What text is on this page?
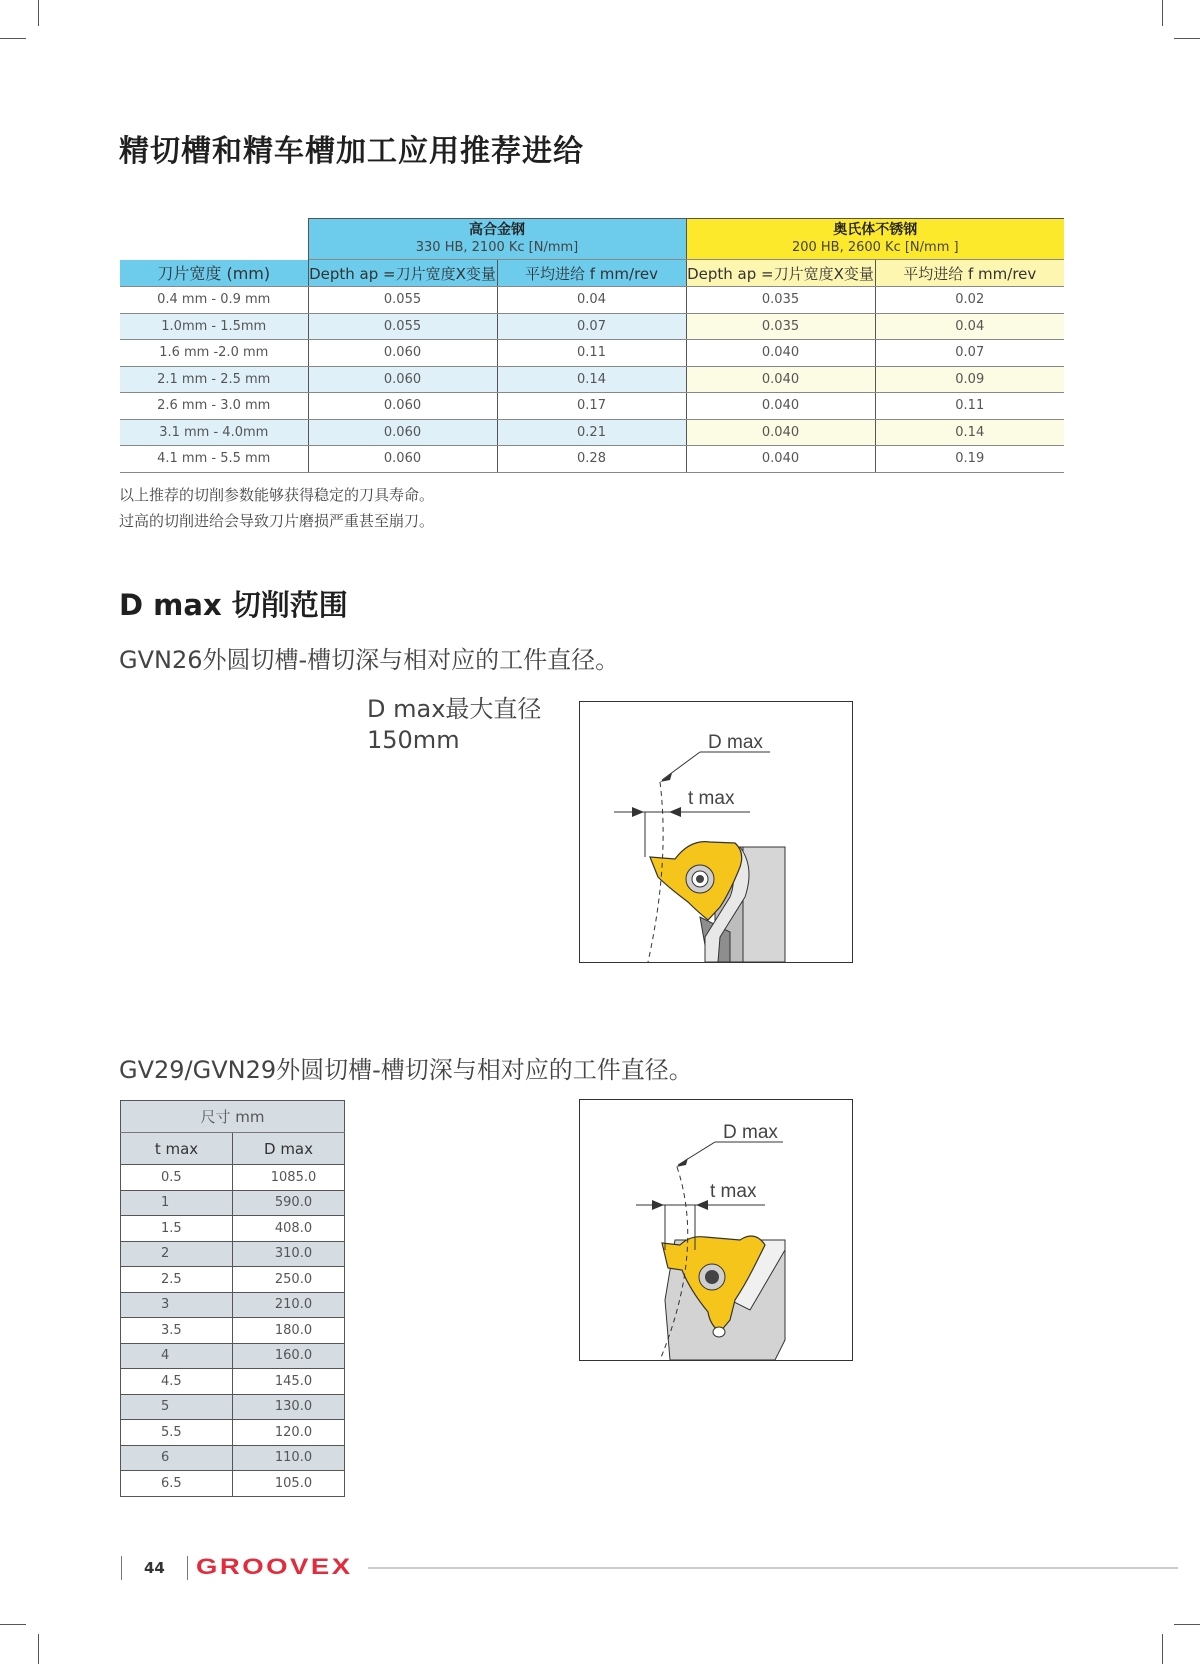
精切槽和精车槽加工应用推荐进给

高合金钢
330 HB, 2100 Kc [N/mm]

奥氏体不锈钢
200 HB, 2600 Kc [N/mm ]

刀片宽度 (mm)	Depth ap =刀片宽度X变量	平均进给 f mm/rev	Depth ap =刀片宽度X变量	平均进给 f mm/rev
0.4 mm - 0.9 mm	0.055	0.04	0.035	0.02
1.0mm - 1.5mm	0.055	0.07	0.035	0.04
1.6 mm -2.0 mm	0.060	0.11	0.040	0.07
2.1 mm - 2.5 mm	0.060	0.14	0.040	0.09
2.6 mm - 3.0 mm	0.060	0.17	0.040	0.11
3.1 mm - 4.0mm	0.060	0.21	0.040	0.14
4.1 mm - 5.5 mm	0.060	0.28	0.040	0.19
以上推荐的切削参数能够获得稳定的刀具寿命。
过高的切削进给会导致刀片磨损严重甚至崩刀。
D max 切削范围
GVN26外圆切槽-槽切深与相对应的工件直径。
D max最大直径
150mm	D max
t max
GV29/GVN29外圆切槽-槽切深与相对应的工件直径。
尺寸 mm	
t max	D max
0.5	1085.0
1	590.0
1.5	408.0
2	310.0
2.5	250.0
3	210.0
3.5	180.0
4	160.0
4.5	145.0
5	130.0
5.5	120.0
6	110.0
6.5	105.0
D max
t max
44 GROOVEX
